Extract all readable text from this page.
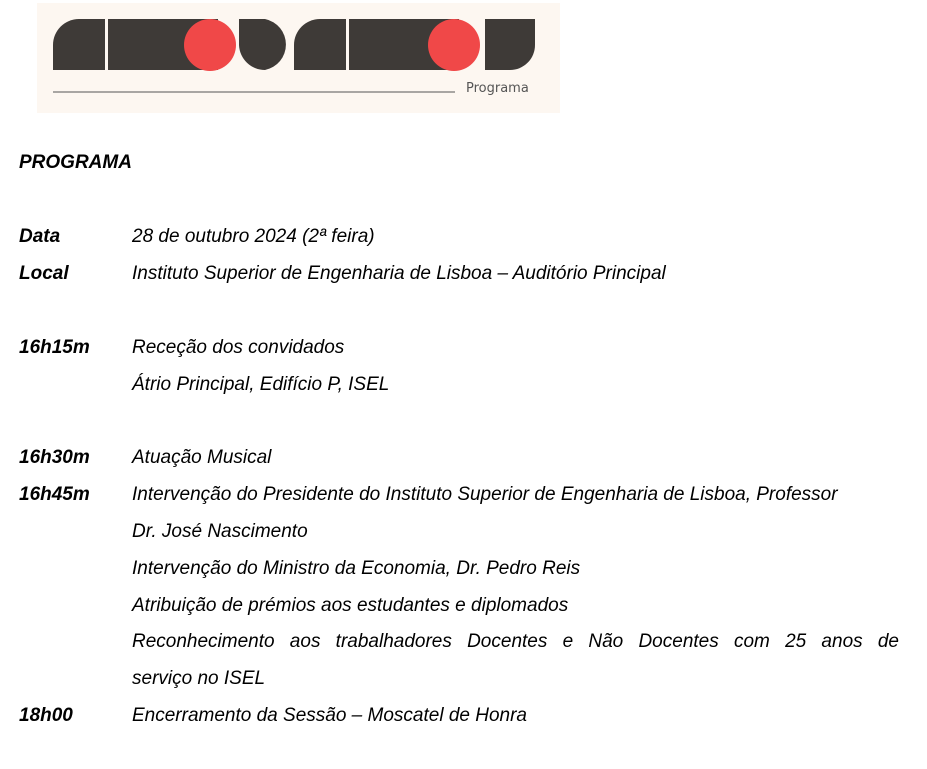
Programa
PROGRAMA
Data	28 de outubro 2024 (2ª feira)
Local	Instituto Superior de Engenharia de Lisboa – Auditório Principal
16h15m Receção dos convidados
Átrio Principal, Edifício P, ISEL
16h30m Atuação Musical
16h45m Intervenção do Presidente do Instituto Superior de Engenharia de Lisboa, Professor
Dr. José Nascimento
Intervenção do Ministro da Economia, Dr. Pedro Reis
Atribuição de prémios aos estudantes e diplomados
Reconhecimento aos trabalhadores Docentes e Não Docentes com 25 anos de
serviço no ISEL
18h00	Encerramento da Sessão – Moscatel de Honra
